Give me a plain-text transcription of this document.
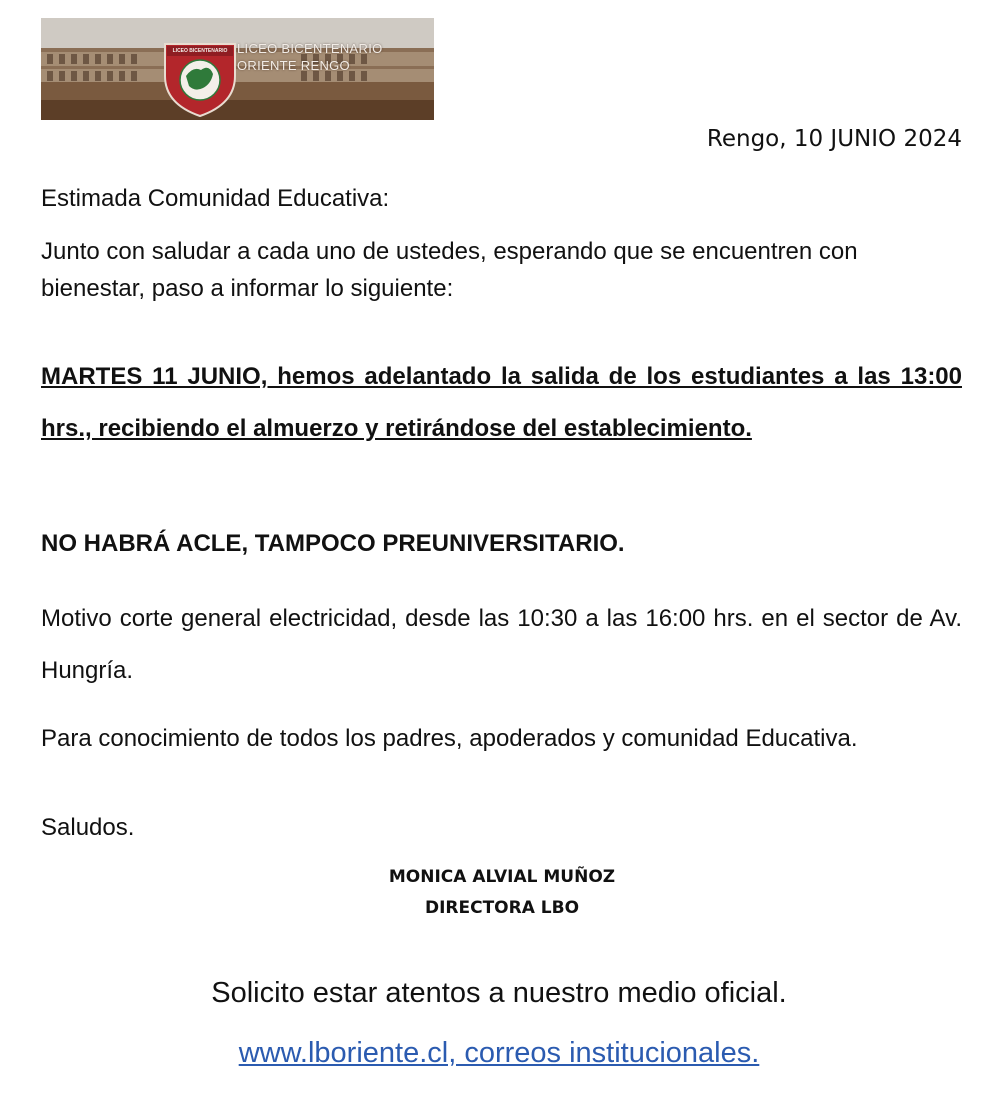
LICEO BICENTENARIO LICEO BICENTENARIO
ORIENTE RENGO
Rengo, 10 JUNIO 2024

Estimada Comunidad Educativa:

Junto con saludar a cada uno de ustedes, esperando que se encuentren con bienestar, paso a informar lo siguiente:

MARTES 11 JUNIO, hemos adelantado la salida de los estudiantes a las 13:00 hrs., recibiendo el almuerzo y retirándose del establecimiento.

NO HABRÁ ACLE, TAMPOCO PREUNIVERSITARIO.

Motivo corte general electricidad, desde las 10:30 a las 16:00 hrs. en el sector de Av. Hungría.

Para conocimiento de todos los padres, apoderados y comunidad Educativa.

Saludos.

MONICA ALVIAL MUÑOZ
DIRECTORA LBO
Solicito estar atentos a nuestro medio oficial.
www.lboriente.cl, correos institucionales.
